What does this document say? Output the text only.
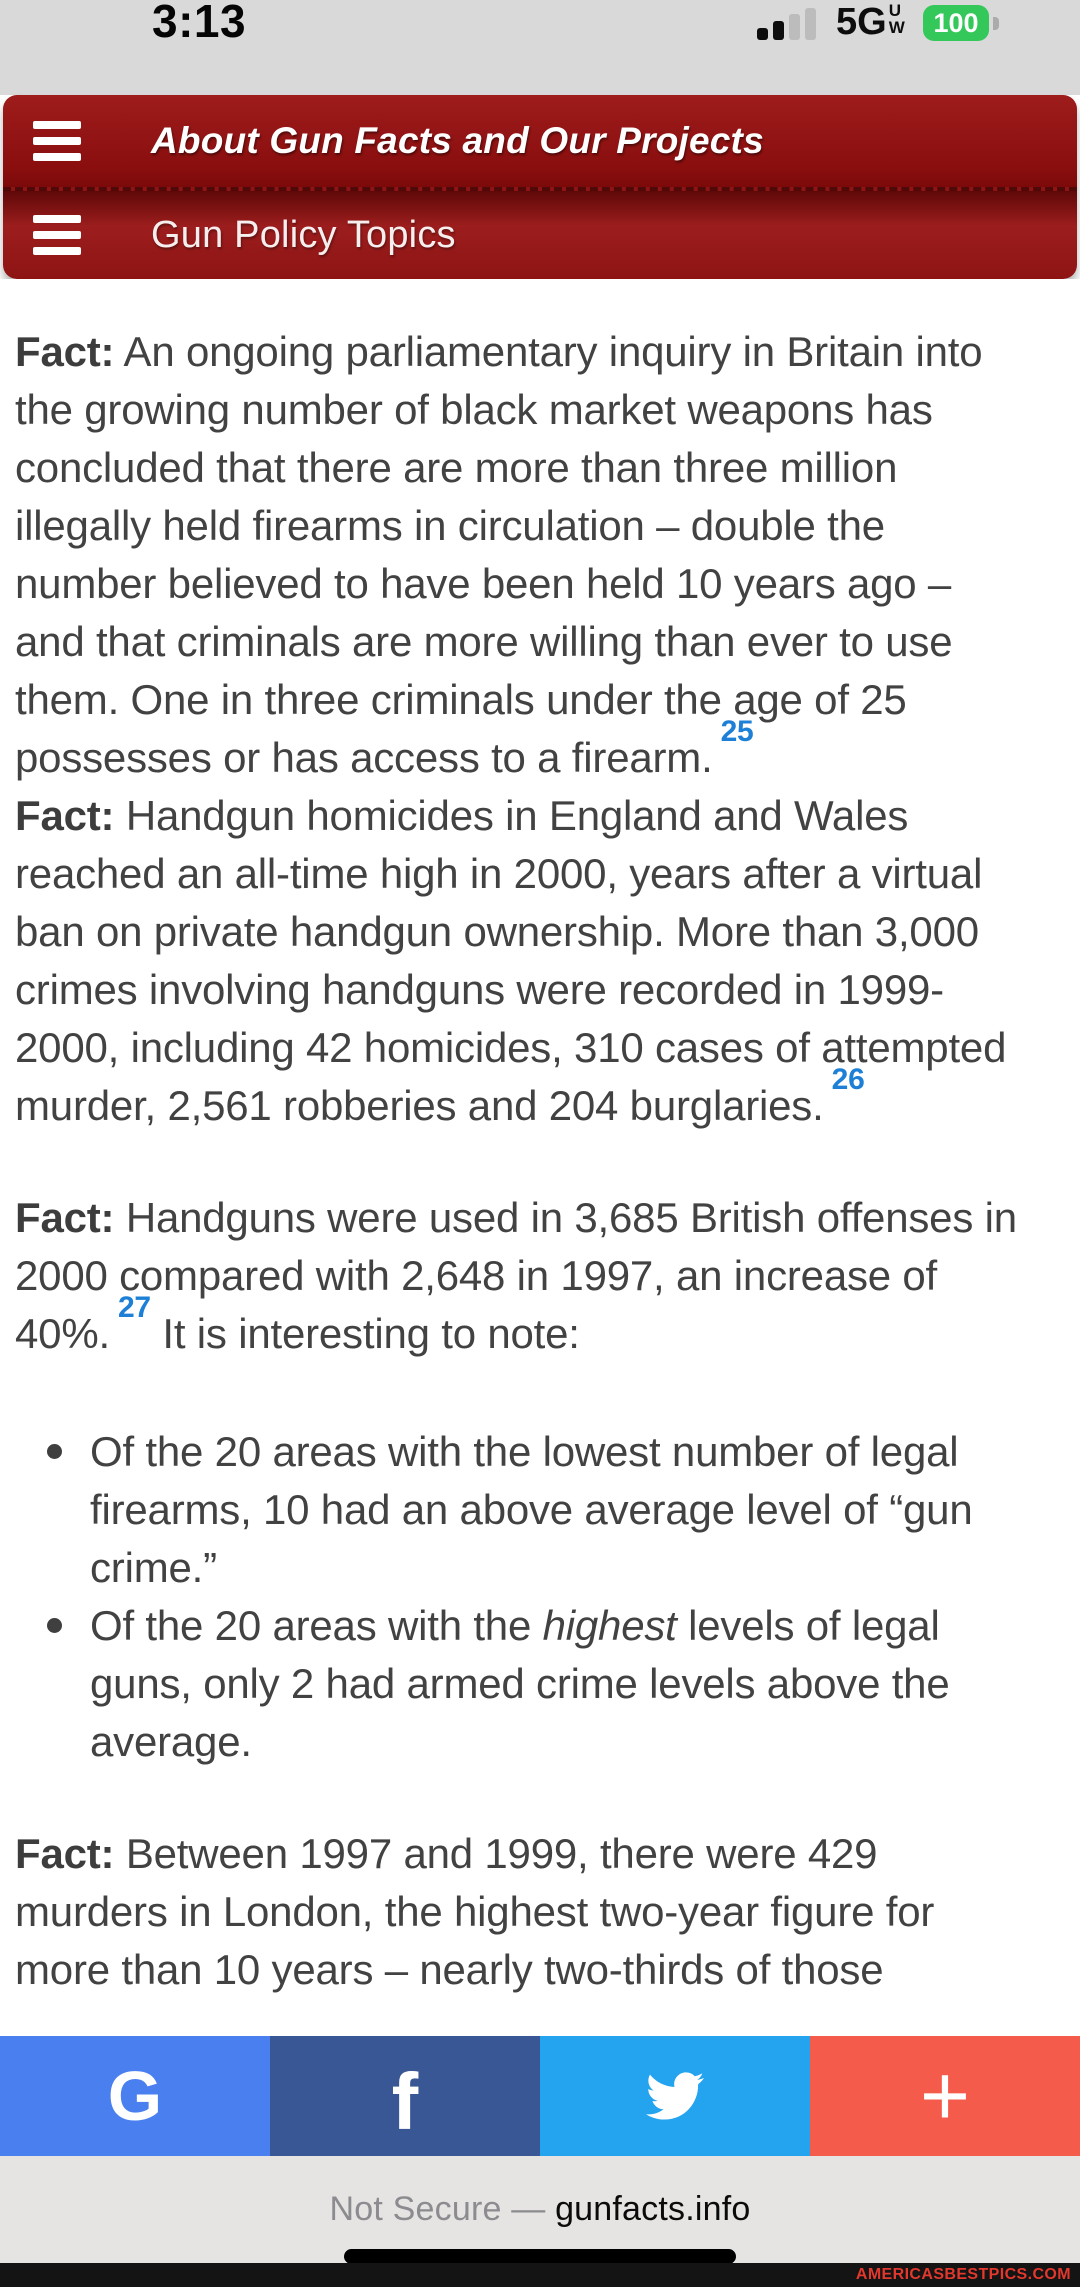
3:13	5G U
W	100
About Gun Facts and Our Projects
Gun Policy Topics

Fact: An ongoing parliamentary inquiry in Britain into the growing number of black market weapons has concluded that there are more than three million illegally held firearms in circulation – double the number believed to have been held 10 years ago – and that criminals are more willing than ever to use them. One in three criminals under the age of 25 possesses or has access to a firearm.$^{25}$

Fact: Handgun homicides in England and Wales reached an all-time high in 2000, years after a virtual ban on private handgun ownership. More than 3,000 crimes involving handguns were recorded in 1999-2000, including 42 homicides, 310 cases of attempted murder, 2,561 robberies and 204 burglaries.$^{26}$

Fact: Handguns were used in 3,685 British offenses in 2000 compared with 2,648 in 1997, an increase of 40%.$^{27}$ It is interesting to note:

Of the 20 areas with the lowest number of legal firearms, 10 had an above average level of “gun crime.”
Of the 20 areas with the highest levels of legal guns, only 2 had armed crime levels above the average.

Fact: Between 1997 and 1999, there were 429 murders in London, the highest two-year figure for more than 10 years – nearly two-thirds of those

G	f	+
Not Secure — gunfacts.info
AMERICASBESTPICS.COM
